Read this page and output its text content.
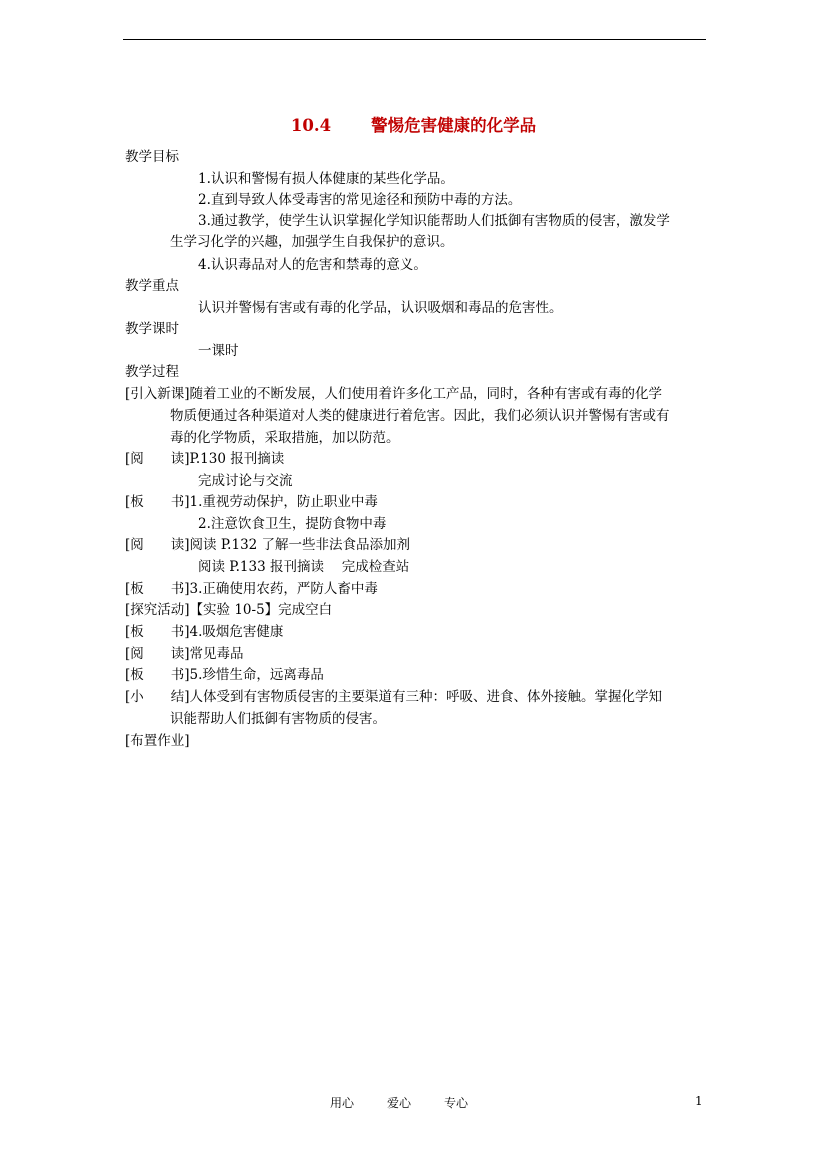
10.4 警惕危害健康的化学品
教学目标
1.认识和警惕有损人体健康的某些化学品。
2.直到导致人体受毒害的常见途径和预防中毒的方法。
3.通过教学，使学生认识掌握化学知识能帮助人们抵御有害物质的侵害，激发学
生学习化学的兴趣，加强学生自我保护的意识。
4.认识毒品对人的危害和禁毒的意义。
教学重点
认识并警惕有害或有毒的化学品，认识吸烟和毒品的危害性。
教学课时
一课时
教学过程
[引入新课]随着工业的不断发展，人们使用着许多化工产品，同时，各种有害或有毒的化学
物质便通过各种渠道对人类的健康进行着危害。因此，我们必须认识并警惕有害或有
毒的化学物质，采取措施，加以防范。
[阅　　读]P.130 报刊摘读
完成讨论与交流
[板　　书]1.重视劳动保护，防止职业中毒
2.注意饮食卫生，提防食物中毒
[阅　　读]阅读 P.132 了解一些非法食品添加剂
阅读 P.133 报刊摘读　 完成检查站
[板　　书]3.正确使用农药，严防人畜中毒
[探究活动]【实验 10-5】完成空白
[板　　书]4.吸烟危害健康
[阅　　读]常见毒品
[板　　书]5.珍惜生命，远离毒品
[小　　结]人体受到有害物质侵害的主要渠道有三种：呼吸、进食、体外接触。掌握化学知
识能帮助人们抵御有害物质的侵害。
[布置作业]
用心	爱心	专心	1
